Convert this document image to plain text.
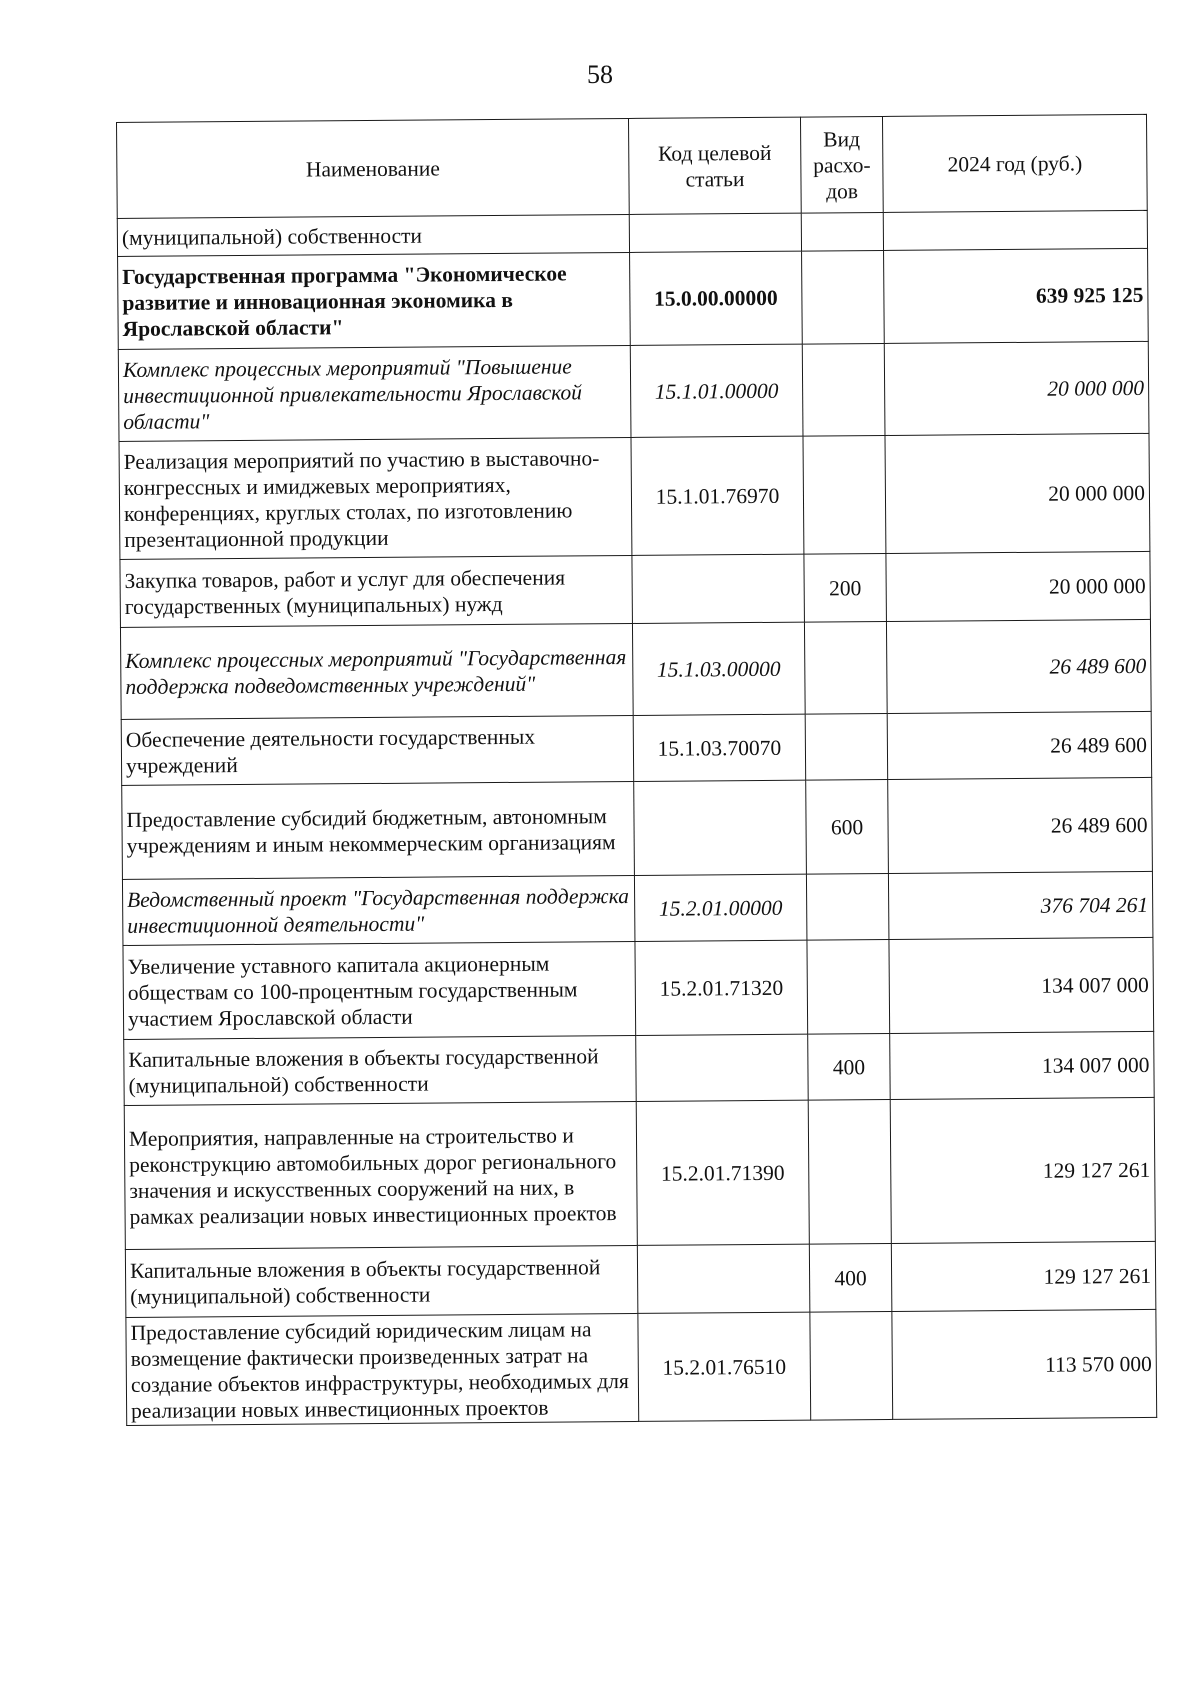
58
Наименование	Код целевой статьи	Вид расхо-дов	2024 год (руб.)
(муниципальной) собственности			
Государственная программа "Экономическое развитие и инновационная экономика в Ярославской области"	15.0.00.00000		639 925 125
Комплекс процессных мероприятий "Повышение инвестиционной привлекательности Ярославской области"	15.1.01.00000		20 000 000
Реализация мероприятий по участию в выставочно-конгрессных и имиджевых мероприятиях, конференциях, круглых столах, по изготовлению презентационной продукции	15.1.01.76970		20 000 000
Закупка товаров, работ и услуг для обеспечения государственных (муниципальных) нужд		200	20 000 000
Комплекс процессных мероприятий "Государственная поддержка подведомственных учреждений"	15.1.03.00000		26 489 600
Обеспечение деятельности государственных учреждений	15.1.03.70070		26 489 600
Предоставление субсидий бюджетным, автономным учреждениям и иным некоммерческим организациям		600	26 489 600
Ведомственный проект "Государственная поддержка инвестиционной деятельности"	15.2.01.00000		376 704 261
Увеличение уставного капитала акционерным обществам со 100-процентным государственным участием Ярославской области	15.2.01.71320		134 007 000
Капитальные вложения в объекты государственной (муниципальной) собственности		400	134 007 000
Мероприятия, направленные на строительство и реконструкцию автомобильных дорог регионального значения и искусственных сооружений на них, в рамках реализации новых инвестиционных проектов	15.2.01.71390		129 127 261
Капитальные вложения в объекты государственной (муниципальной) собственности		400	129 127 261
Предоставление субсидий юридическим лицам на возмещение фактически произведенных затрат на создание объектов инфраструктуры, необходимых для реализации новых инвестиционных проектов	15.2.01.76510		113 570 000
